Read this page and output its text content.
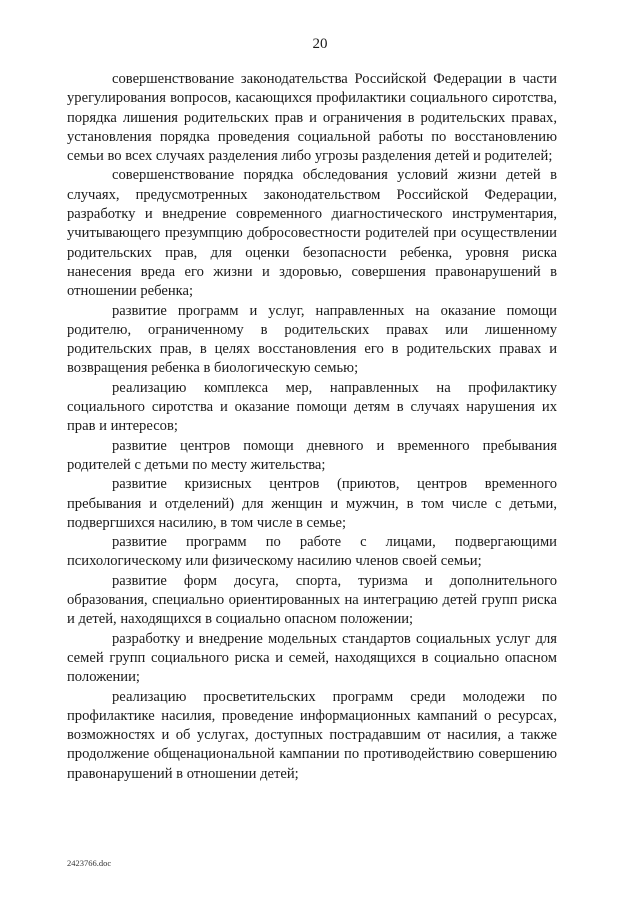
20

совершенствование законодательства Российской Федерации в части урегулирования вопросов, касающихся профилактики социального сиротства, порядка лишения родительских прав и ограничения в родительских правах, установления порядка проведения социальной работы по восстановлению семьи во всех случаях разделения либо угрозы разделения детей и родителей;

совершенствование порядка обследования условий жизни детей в случаях, предусмотренных законодательством Российской Федерации, разработку и внедрение современного диагностического инструментария, учитывающего презумпцию добросовестности родителей при осуществлении родительских прав, для оценки безопасности ребенка, уровня риска нанесения вреда его жизни и здоровью, совершения правонарушений в отношении ребенка;

развитие программ и услуг, направленных на оказание помощи родителю, ограниченному в родительских правах или лишенному родительских прав, в целях восстановления его в родительских правах и возвращения ребенка в биологическую семью;

реализацию комплекса мер, направленных на профилактику социального сиротства и оказание помощи детям в случаях нарушения их прав и интересов;

развитие центров помощи дневного и временного пребывания родителей с детьми по месту жительства;

развитие кризисных центров (приютов, центров временного пребывания и отделений) для женщин и мужчин, в том числе с детьми, подвергшихся насилию, в том числе в семье;

развитие программ по работе с лицами, подвергающими психологическому или физическому насилию членов своей семьи;

развитие форм досуга, спорта, туризма и дополнительного образования, специально ориентированных на интеграцию детей групп риска и детей, находящихся в социально опасном положении;

разработку и внедрение модельных стандартов социальных услуг для семей групп социального риска и семей, находящихся в социально опасном положении;

реализацию просветительских программ среди молодежи по профилактике насилия, проведение информационных кампаний о ресурсах, возможностях и об услугах, доступных пострадавшим от насилия, а также продолжение общенациональной кампании по противодействию совершению правонарушений в отношении детей;

2423766.doc
